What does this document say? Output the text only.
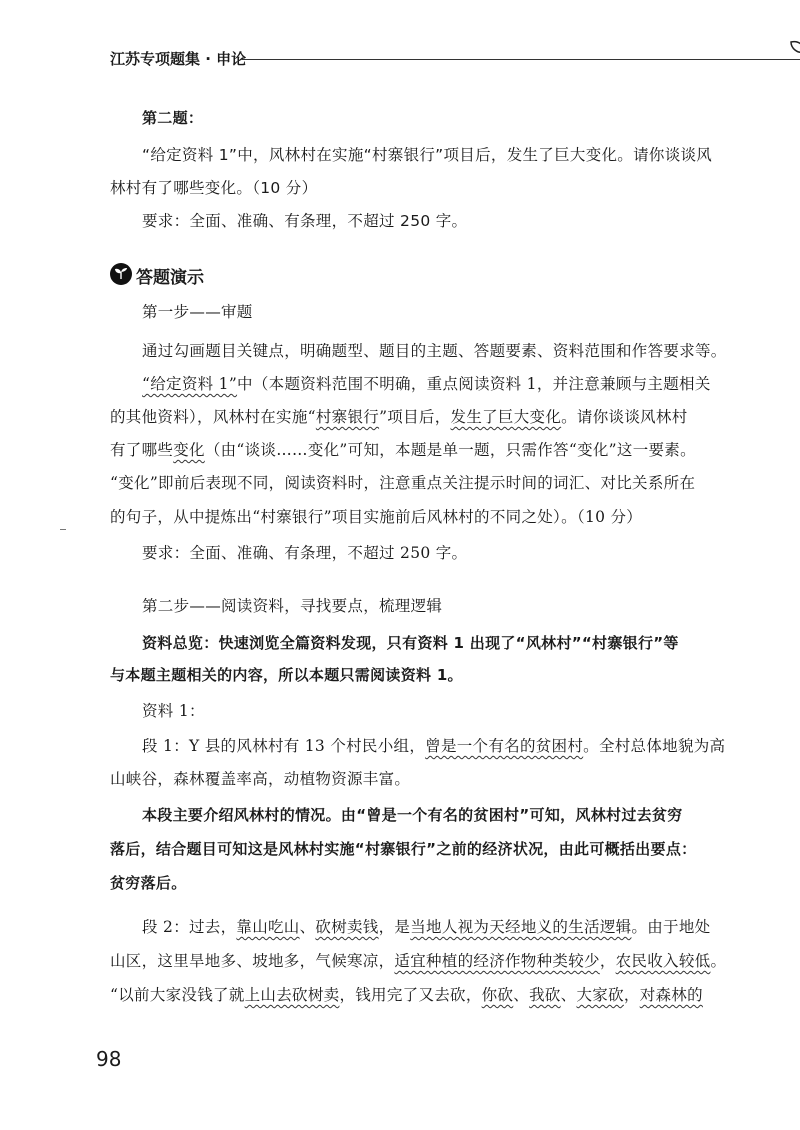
江苏专项题集 · 申论
第二题：
“给定资料 1”中，风林村在实施“村寨银行”项目后，发生了巨大变化。请你谈谈风
林村有了哪些变化。（10 分）
要求：全面、准确、有条理，不超过 250 字。
答题演示
第一步——审题
通过勾画题目关键点，明确题型、题目的主题、答题要素、资料范围和作答要求等。
“给定资料 1”中（本题资料范围不明确，重点阅读资料 1，并注意兼顾与主题相关
的其他资料），风林村在实施“村寨银行”项目后，发生了巨大变化。请你谈谈风林村
有了哪些变化（由“谈谈……变化”可知，本题是单一题，只需作答“变化”这一要素。
“变化”即前后表现不同，阅读资料时，注意重点关注提示时间的词汇、对比关系所在
的句子，从中提炼出“村寨银行”项目实施前后风林村的不同之处）。（10 分）
要求：全面、准确、有条理，不超过 250 字。
第二步——阅读资料，寻找要点，梳理逻辑
资料总览：快速浏览全篇资料发现，只有资料 1 出现了“风林村”“村寨银行”等
与本题主题相关的内容，所以本题只需阅读资料 1。
资料 1：
段 1：Y 县的风林村有 13 个村民小组，曾是一个有名的贫困村。全村总体地貌为高
山峡谷，森林覆盖率高，动植物资源丰富。
本段主要介绍风林村的情况。由“曾是一个有名的贫困村”可知，风林村过去贫穷
落后，结合题目可知这是风林村实施“村寨银行”之前的经济状况，由此可概括出要点：
贫穷落后。
段 2：过去，靠山吃山、砍树卖钱，是当地人视为天经地义的生活逻辑。由于地处
山区，这里旱地多、坡地多，气候寒凉，适宜种植的经济作物种类较少，农民收入较低。
“以前大家没钱了就上山去砍树卖，钱用完了又去砍，你砍、我砍、大家砍，对森林的
98
